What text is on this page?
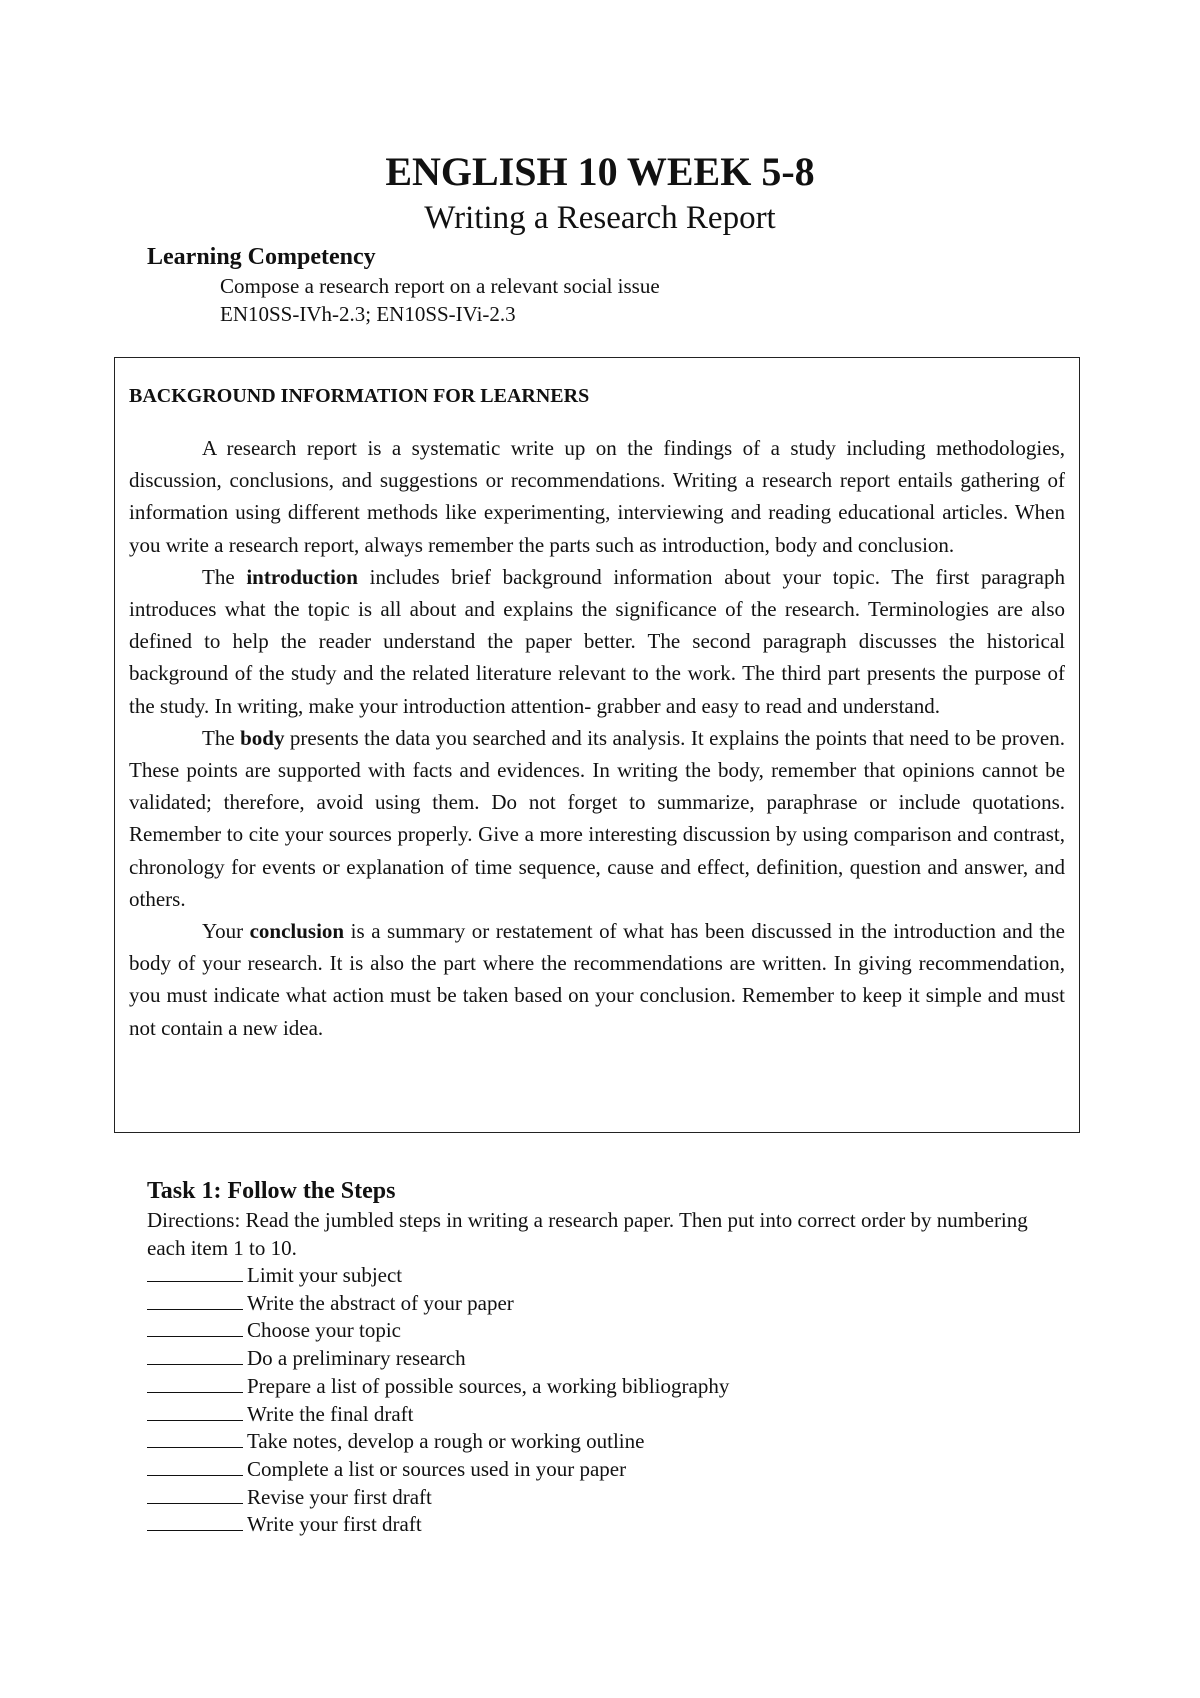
ENGLISH 10 WEEK 5-8
Writing a Research Report
Learning Competency
Compose a research report on a relevant social issue
EN10SS-IVh-2.3; EN10SS-IVi-2.3
BACKGROUND INFORMATION FOR LEARNERS

A research report is a systematic write up on the findings of a study including methodologies, discussion, conclusions, and suggestions or recommendations. Writing a research report entails gathering of information using different methods like experimenting, interviewing and reading educational articles. When you write a research report, always remember the parts such as introduction, body and conclusion.

The introduction includes brief background information about your topic. The first paragraph introduces what the topic is all about and explains the significance of the research. Terminologies are also defined to help the reader understand the paper better. The second paragraph discusses the historical background of the study and the related literature relevant to the work. The third part presents the purpose of the study. In writing, make your introduction attention- grabber and easy to read and understand.

The body presents the data you searched and its analysis. It explains the points that need to be proven. These points are supported with facts and evidences. In writing the body, remember that opinions cannot be validated; therefore, avoid using them. Do not forget to summarize, paraphrase or include quotations. Remember to cite your sources properly. Give a more interesting discussion by using comparison and contrast, chronology for events or explanation of time sequence, cause and effect, definition, question and answer, and others.

Your conclusion is a summary or restatement of what has been discussed in the introduction and the body of your research. It is also the part where the recommendations are written. In giving recommendation, you must indicate what action must be taken based on your conclusion. Remember to keep it simple and must not contain a new idea.

Task 1: Follow the Steps
Directions: Read the jumbled steps in writing a research paper. Then put into correct order by numbering each item 1 to 10.
Limit your subject
Write the abstract of your paper
Choose your topic
Do a preliminary research
Prepare a list of possible sources, a working bibliography
Write the final draft
Take notes, develop a rough or working outline
Complete a list or sources used in your paper
Revise your first draft
Write your first draft
